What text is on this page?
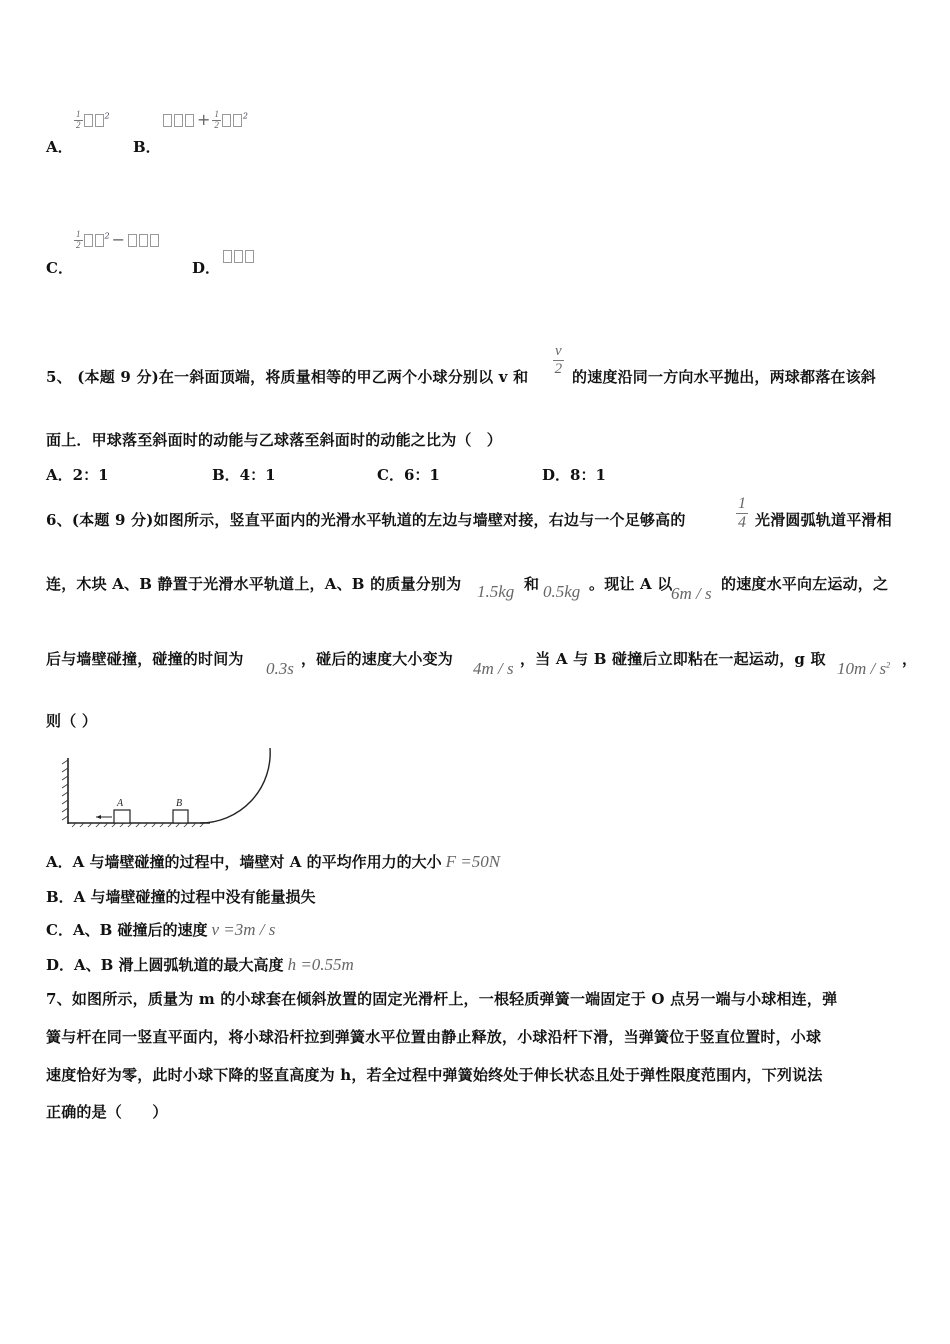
A．
$\frac{1}{2}$	$^2$
B．
+ $\frac{1}{2}$	$^2$
C．
$\frac{1}{2}$	$^2$ −
D．
5、 (本题 9 分)在一斜面顶端，将质量相等的甲乙两个小球分别以 v 和 $\frac{v}{2}$ 的速度沿同一方向水平抛出，两球都落在该斜
面上．甲球落至斜面时的动能与乙球落至斜面时的动能之比为（　）
A．2：1	B．4：1	C．6：1	D．8：1
6、(本题 9 分)如图所示，竖直平面内的光滑水平轨道的左边与墙壁对接，右边与一个足够高的	$\frac{1}{4}$ 光滑圆弧轨道平滑相
连，木块 A、B 静置于光滑水平轨道上，A、B 的质量分别为 1.5kg 和 0.5kg 。现让 A 以
6m / s 的速度水平向左运动，之
后与墙壁碰撞，碰撞的时间为 0.3s ，碰后的速度大小变为 4m / s ，当 A 与 B 碰撞后立即粘在一起运动，g 取 $10m / s^2$ ，
则（ ）
A	B
A．A 与墙壁碰撞的过程中，墙壁对 A 的平均作用力的大小 F =50N
B．A 与墙壁碰撞的过程中没有能量损失
C．A、B 碰撞后的速度 v =3m / s
D．A、B 滑上圆弧轨道的最大高度 h =0.55m
7、如图所示，质量为 m 的小球套在倾斜放置的固定光滑杆上，一根轻质弹簧一端固定于 O 点另一端与小球相连，弹
簧与杆在同一竖直平面内，将小球沿杆拉到弹簧水平位置由静止释放，小球沿杆下滑，当弹簧位于竖直位置时，小球
速度恰好为零，此时小球下降的竖直高度为 h，若全过程中弹簧始终处于伸长状态且处于弹性限度范围内，下列说法
正确的是（　　）
